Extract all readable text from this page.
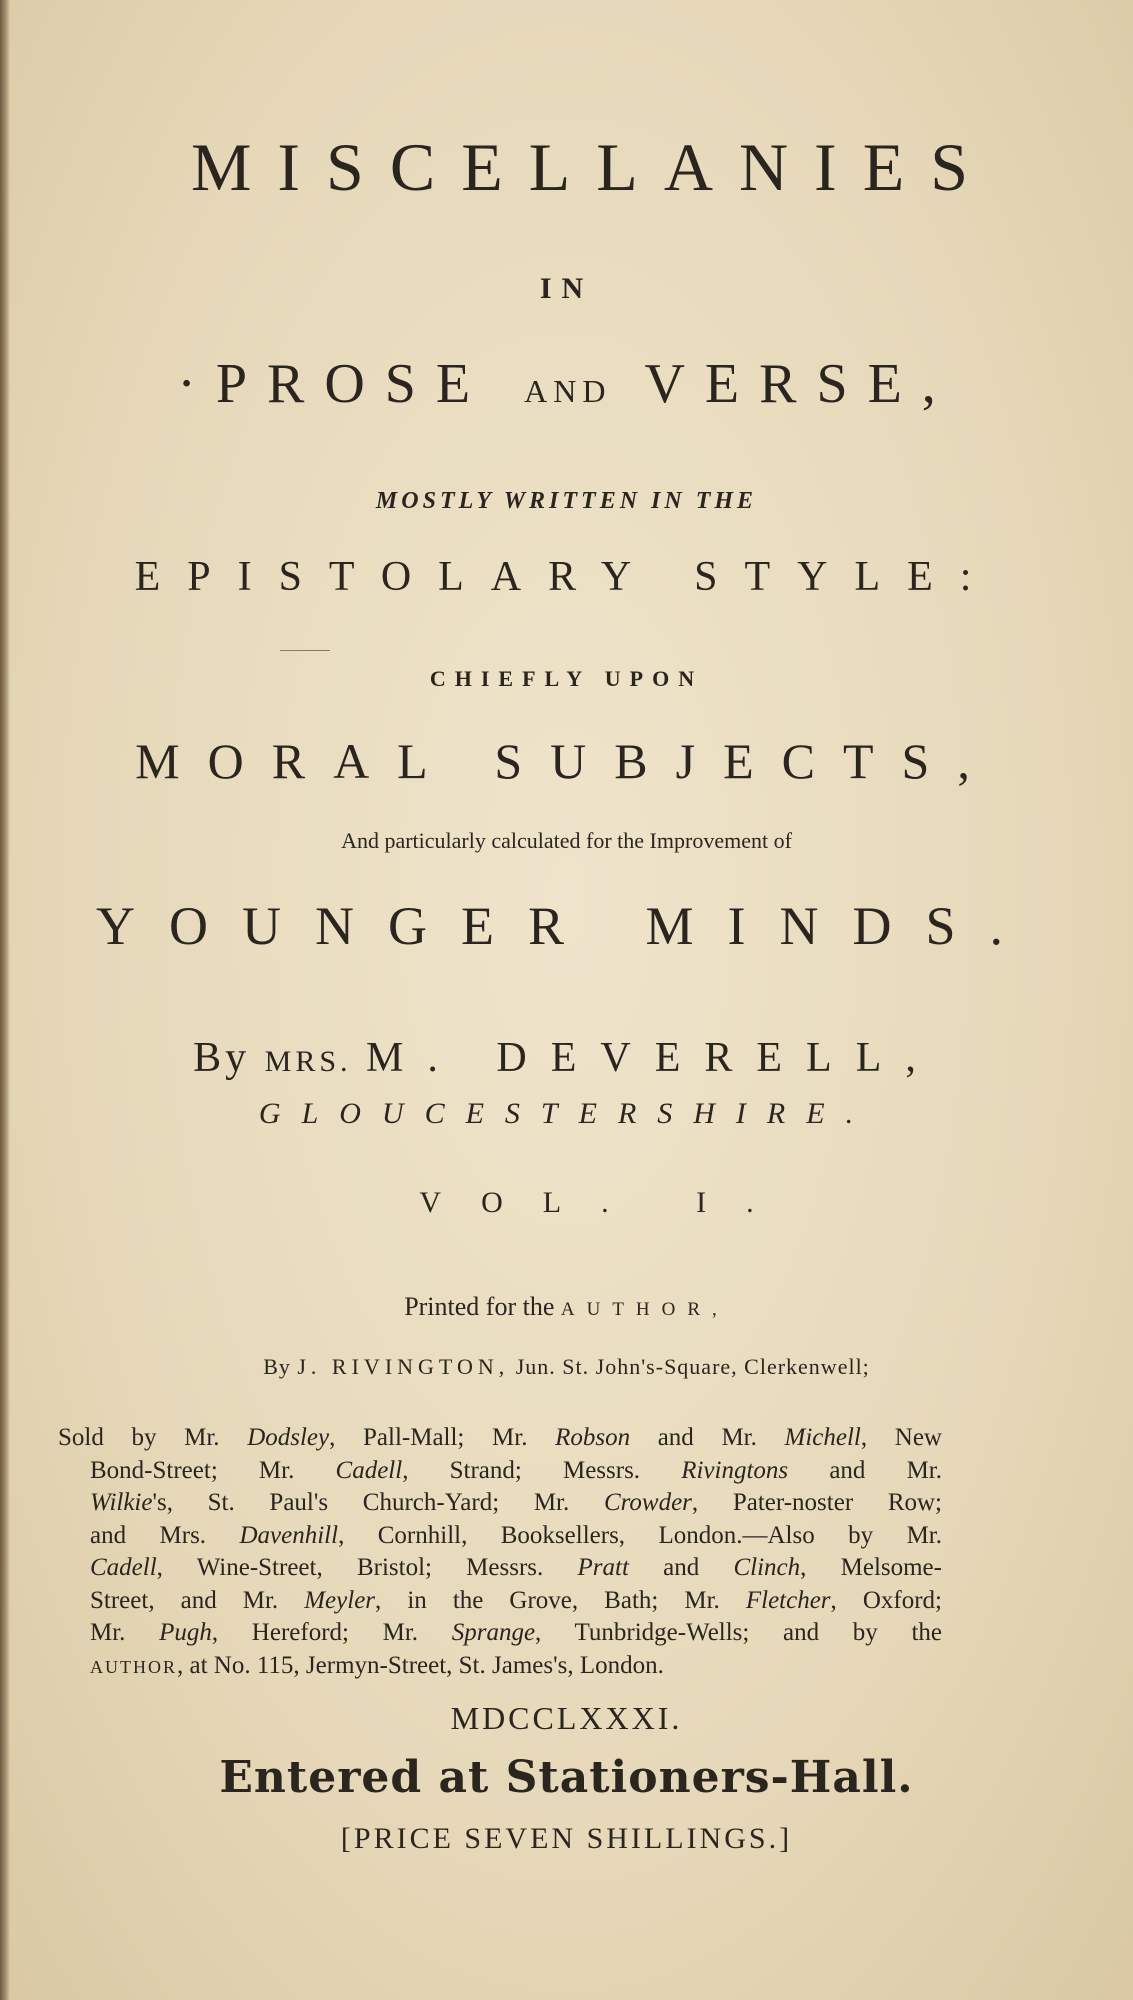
MISCELLANIES
IN
·PROSE AND VERSE,
MOSTLY WRITTEN IN THE
EPISTOLARY STYLE:
CHIEFLY UPON
MORAL SUBJECTS,
And particularly calculated for the Improvement of
YOUNGER MINDS.
By MRS. M. DEVERELL,
GLOUCESTERSHIRE.
VOL. I.
Printed for the AUTHOR,
By J. RIVINGTON, Jun. St. John's-Square, Clerkenwell;
Sold by Mr. Dodsley, Pall-Mall; Mr. Robson and Mr. Michell, New
Bond-Street; Mr. Cadell, Strand; Messrs. Rivingtons and Mr.
Wilkie's, St. Paul's Church-Yard; Mr. Crowder, Pater-noster Row;
and Mrs. Davenhill, Cornhill, Booksellers, London.—Also by Mr.
Cadell, Wine-Street, Bristol; Messrs. Pratt and Clinch, Melsome-
Street, and Mr. Meyler, in the Grove, Bath; Mr. Fletcher, Oxford;
Mr. Pugh, Hereford; Mr. Sprange, Tunbridge-Wells; and by the
AUTHOR, at No. 115, Jermyn-Street, St. James's, London.
MDCCLXXXI.
Entered at Stationers-Hall.
[PRICE SEVEN SHILLINGS.]
